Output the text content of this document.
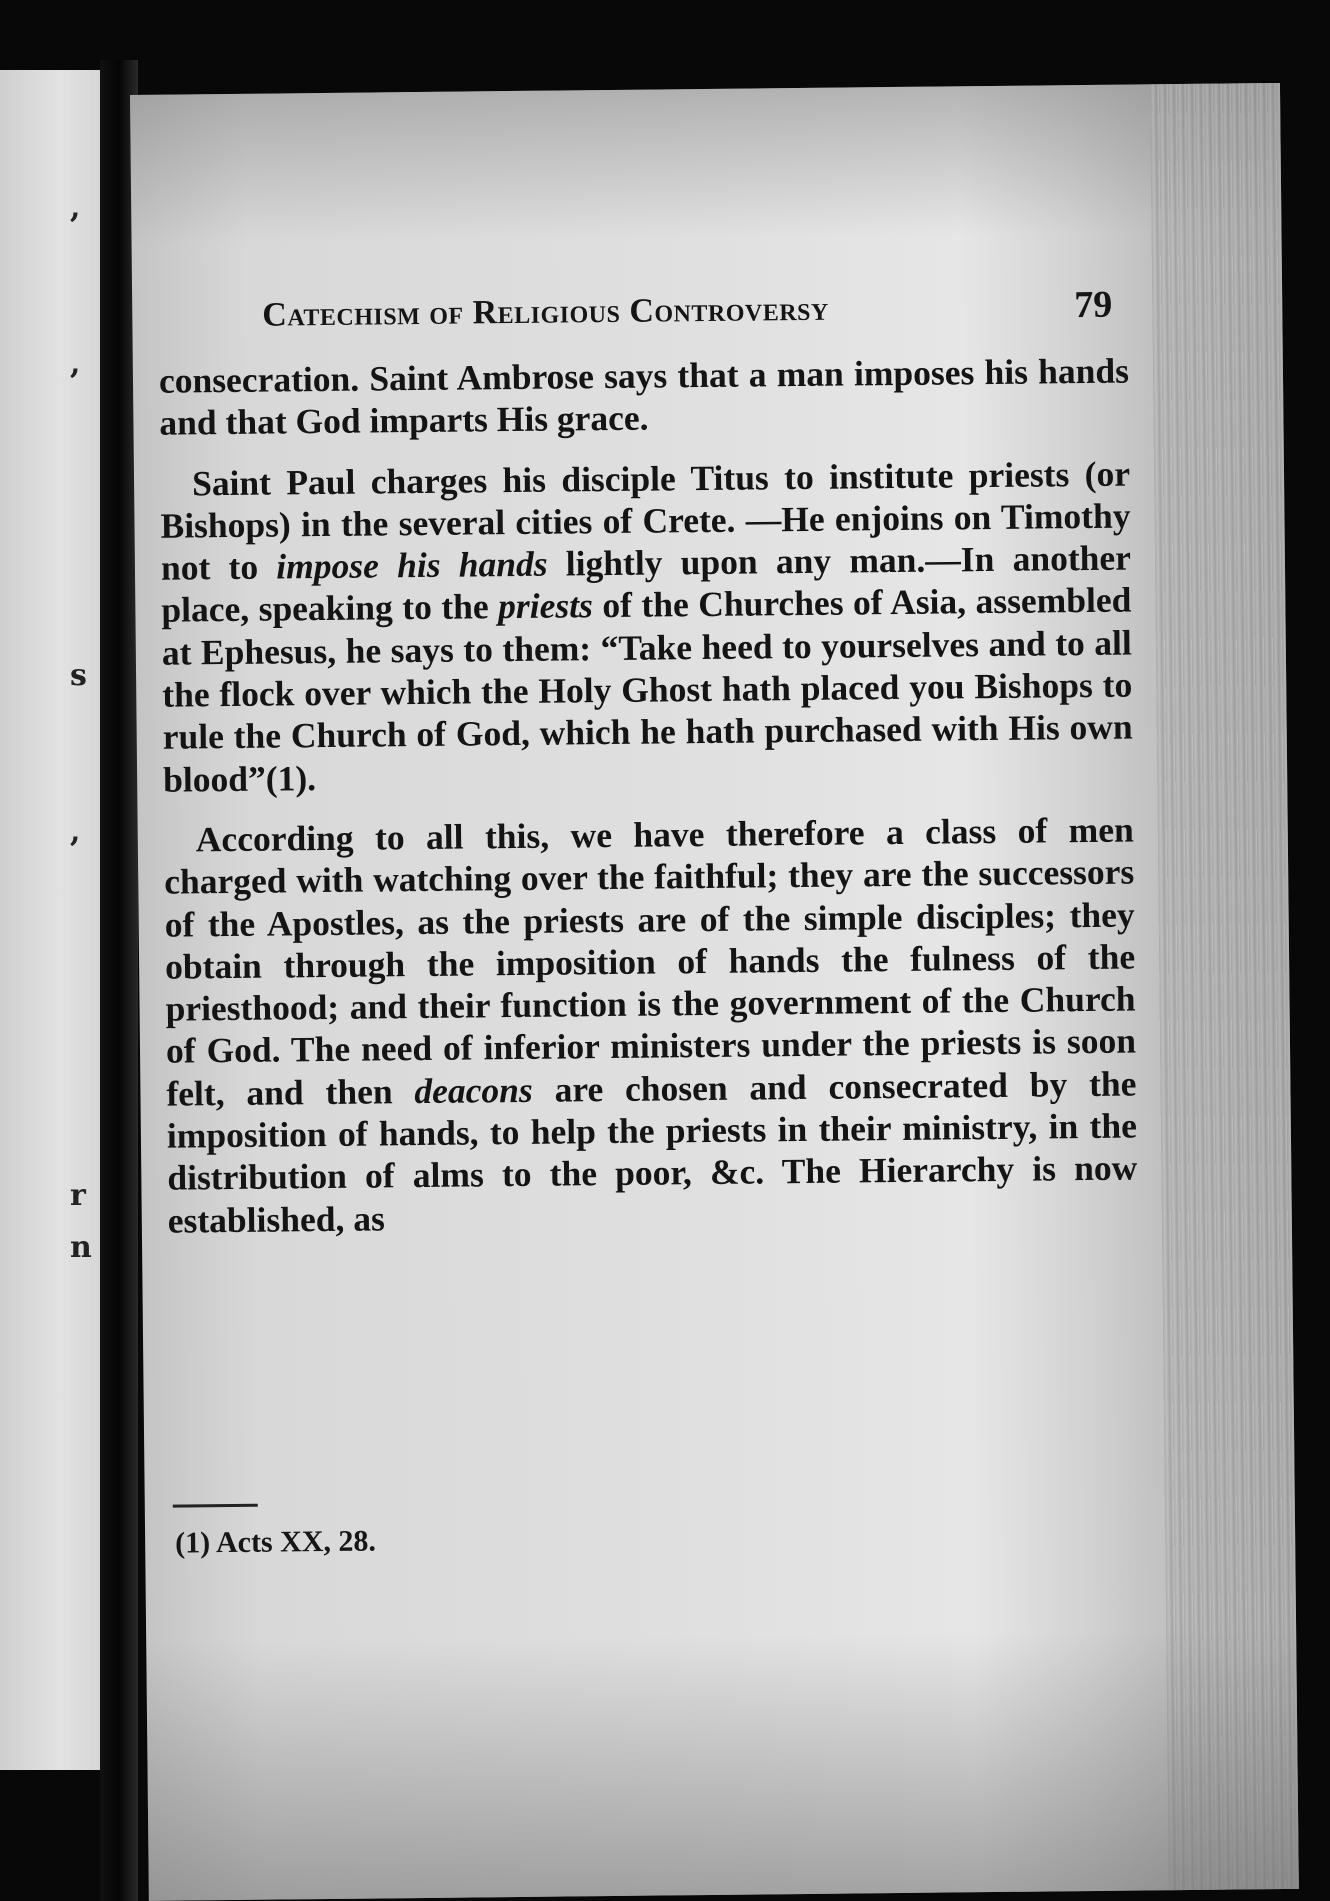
,
,
s
,
r
n
Catechism of Religious Controversy	79

consecration. Saint Ambrose says that a man imposes his hands and that God imparts His grace.

Saint Paul charges his disciple Titus to institute priests (or Bishops) in the several cities of Crete. —He enjoins on Timothy not to impose his hands lightly upon any man.—In another place, speaking to the priests of the Churches of Asia, assembled at Ephesus, he says to them: “Take heed to yourselves and to all the flock over which the Holy Ghost hath placed you Bishops to rule the Church of God, which he hath purchased with His own blood”(1).

According to all this, we have therefore a class of men charged with watching over the faithful; they are the successors of the Apostles, as the priests are of the simple disciples; they obtain through the imposition of hands the fulness of the priesthood; and their function is the government of the Church of God. The need of inferior ministers under the priests is soon felt, and then deacons are chosen and consecrated by the imposition of hands, to help the priests in their ministry, in the distribution of alms to the poor, &c. The Hierarchy is now established, as

(1) Acts XX, 28.
